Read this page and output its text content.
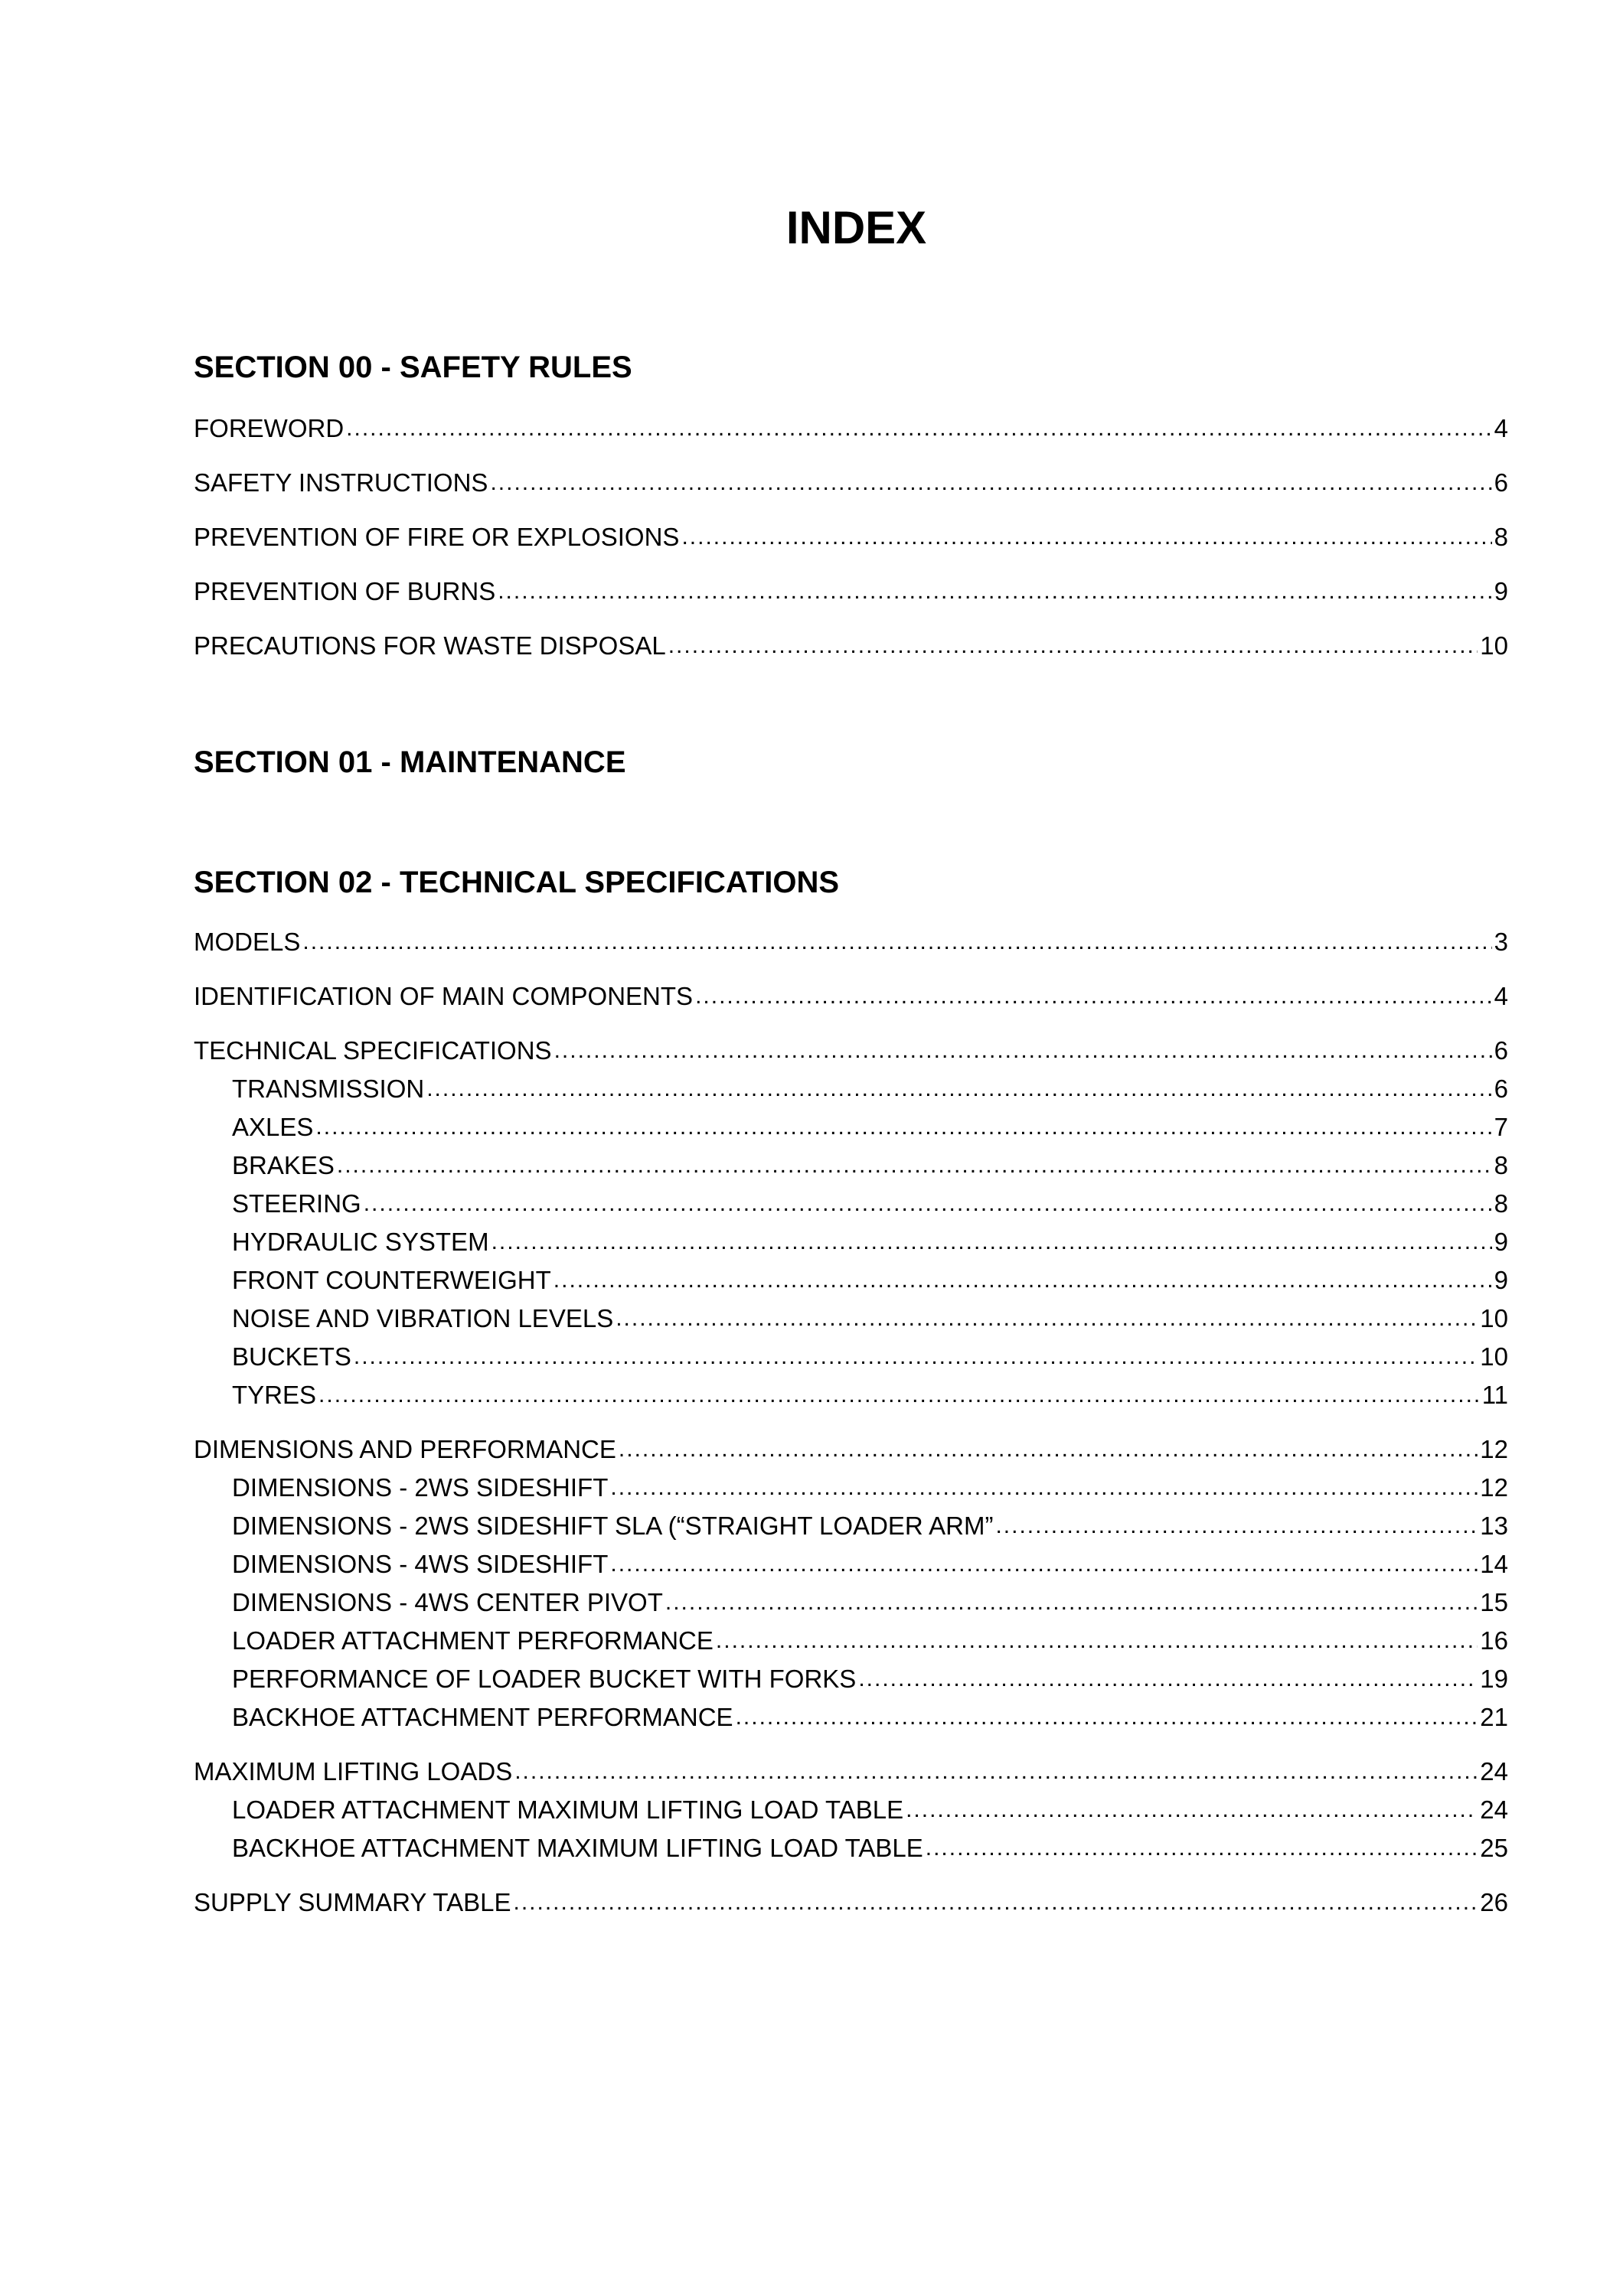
INDEX
SECTION 00 - SAFETY RULES
FOREWORD .....	4
SAFETY INSTRUCTIONS .....	6
PREVENTION OF FIRE OR EXPLOSIONS .....	8
PREVENTION OF BURNS .....	9
PRECAUTIONS FOR WASTE DISPOSAL .....	10
SECTION 01 - MAINTENANCE
SECTION 02 - TECHNICAL SPECIFICATIONS
MODELS .....	3
IDENTIFICATION OF MAIN COMPONENTS .....	4
TECHNICAL SPECIFICATIONS .....	6
TRANSMISSION .....	6
AXLES .....	7
BRAKES .....	8
STEERING .....	8
HYDRAULIC SYSTEM .....	9
FRONT COUNTERWEIGHT .....	9
NOISE AND VIBRATION LEVELS .....	10
BUCKETS .....	10
TYRES .....	11
DIMENSIONS AND PERFORMANCE .....	12
DIMENSIONS - 2WS SIDESHIFT .....	12
DIMENSIONS - 2WS SIDESHIFT SLA (“STRAIGHT LOADER ARM” .....	13
DIMENSIONS - 4WS SIDESHIFT .....	14
DIMENSIONS - 4WS CENTER PIVOT .....	15
LOADER ATTACHMENT PERFORMANCE .....	16
PERFORMANCE OF LOADER BUCKET WITH FORKS .....	19
BACKHOE ATTACHMENT PERFORMANCE .....	21
MAXIMUM LIFTING LOADS .....	24
LOADER ATTACHMENT MAXIMUM LIFTING LOAD TABLE .....	24
BACKHOE ATTACHMENT MAXIMUM LIFTING LOAD TABLE .....	25
SUPPLY SUMMARY TABLE .....	26
